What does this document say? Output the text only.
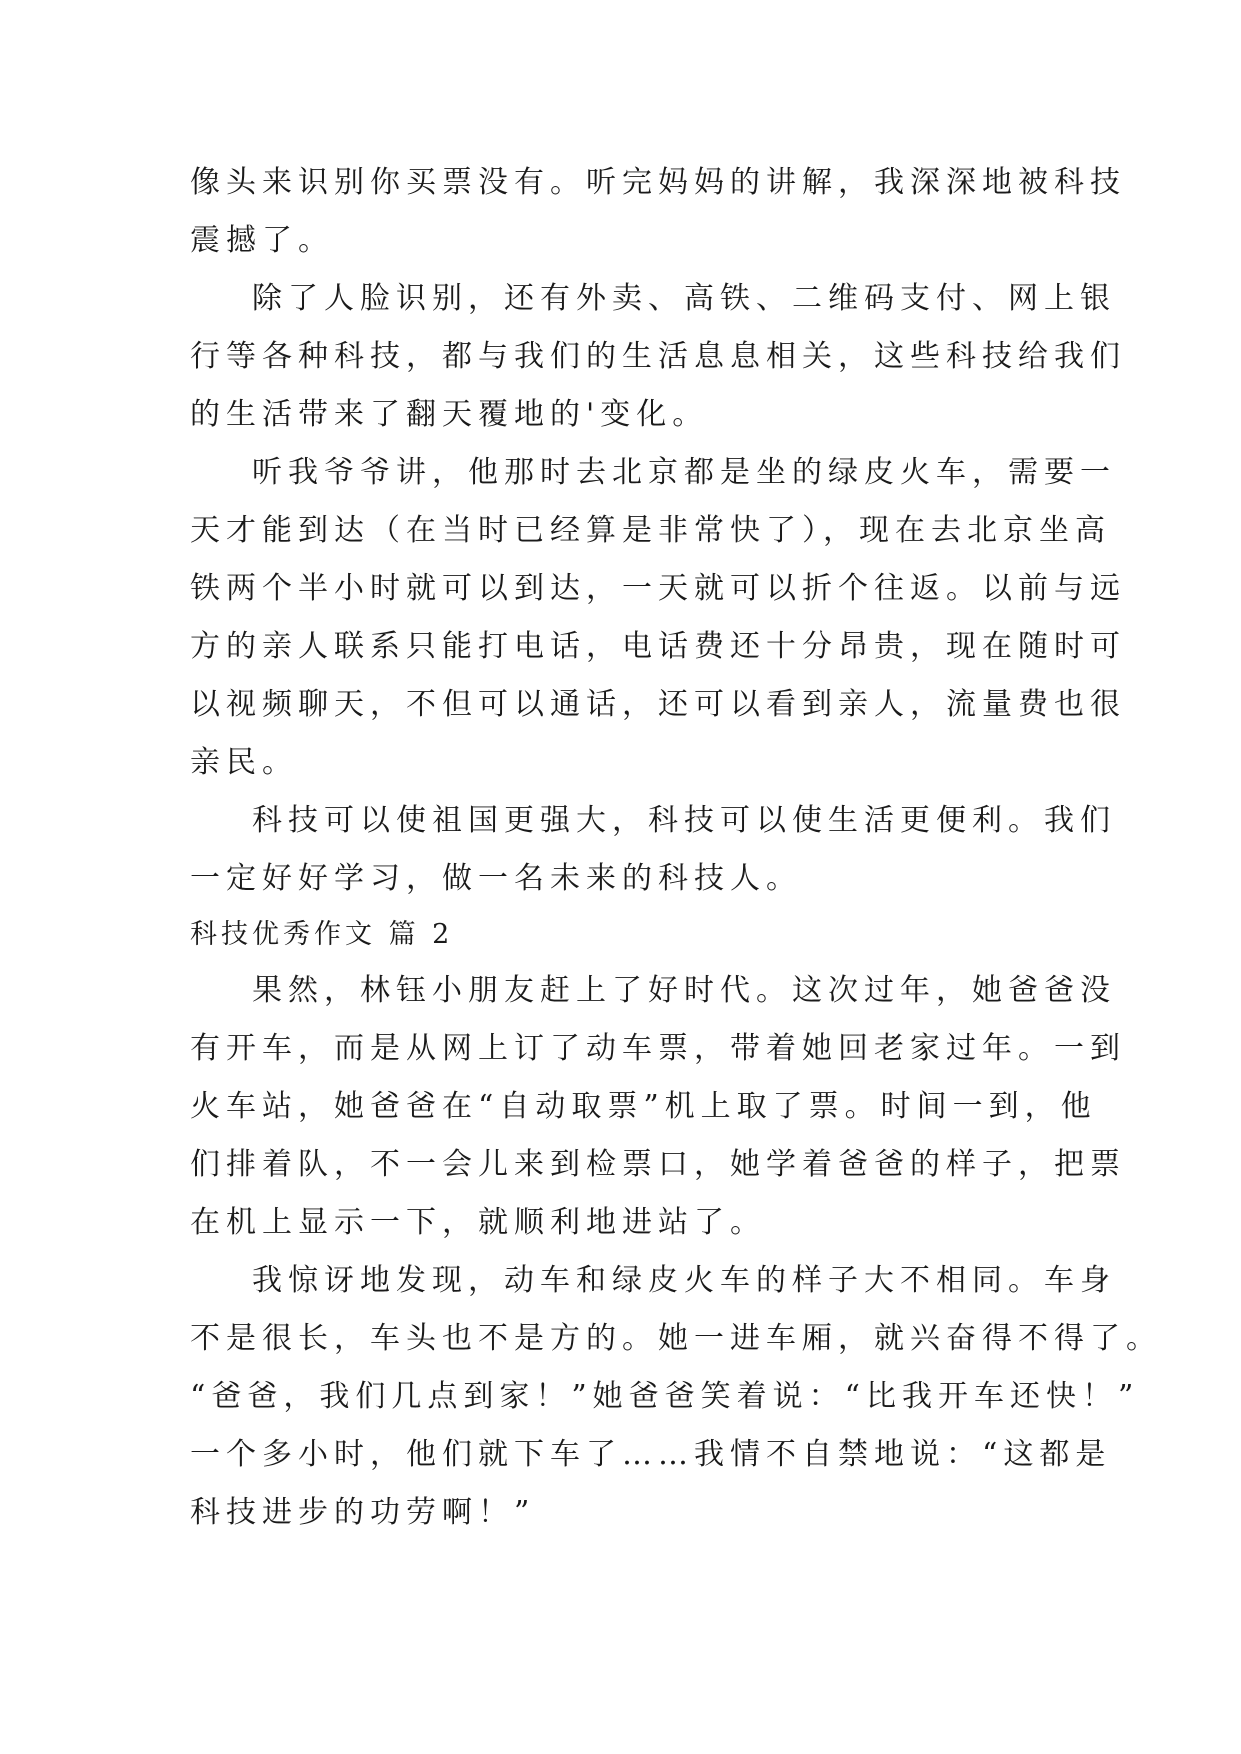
像头来识别你买票没有。听完妈妈的讲解，我深深地被科技
震撼了。
除了人脸识别，还有外卖、高铁、二维码支付、网上银
行等各种科技，都与我们的生活息息相关，这些科技给我们
的生活带来了翻天覆地的'变化。
听我爷爷讲，他那时去北京都是坐的绿皮火车，需要一
天才能到达（在当时已经算是非常快了），现在去北京坐高
铁两个半小时就可以到达，一天就可以折个往返。以前与远
方的亲人联系只能打电话，电话费还十分昂贵，现在随时可
以视频聊天，不但可以通话，还可以看到亲人，流量费也很
亲民。
科技可以使祖国更强大，科技可以使生活更便利。我们
一定好好学习，做一名未来的科技人。
科技优秀作文 篇 2
果然，林钰小朋友赶上了好时代。这次过年，她爸爸没
有开车，而是从网上订了动车票，带着她回老家过年。一到
火车站，她爸爸在“自动取票”机上取了票。时间一到，他
们排着队，不一会儿来到检票口，她学着爸爸的样子，把票
在机上显示一下，就顺利地进站了。
我惊讶地发现，动车和绿皮火车的样子大不相同。车身
不是很长，车头也不是方的。她一进车厢，就兴奋得不得了。
“爸爸，我们几点到家！”她爸爸笑着说：“比我开车还快！”
一个多小时，他们就下车了……我情不自禁地说：“这都是
科技进步的功劳啊！”
